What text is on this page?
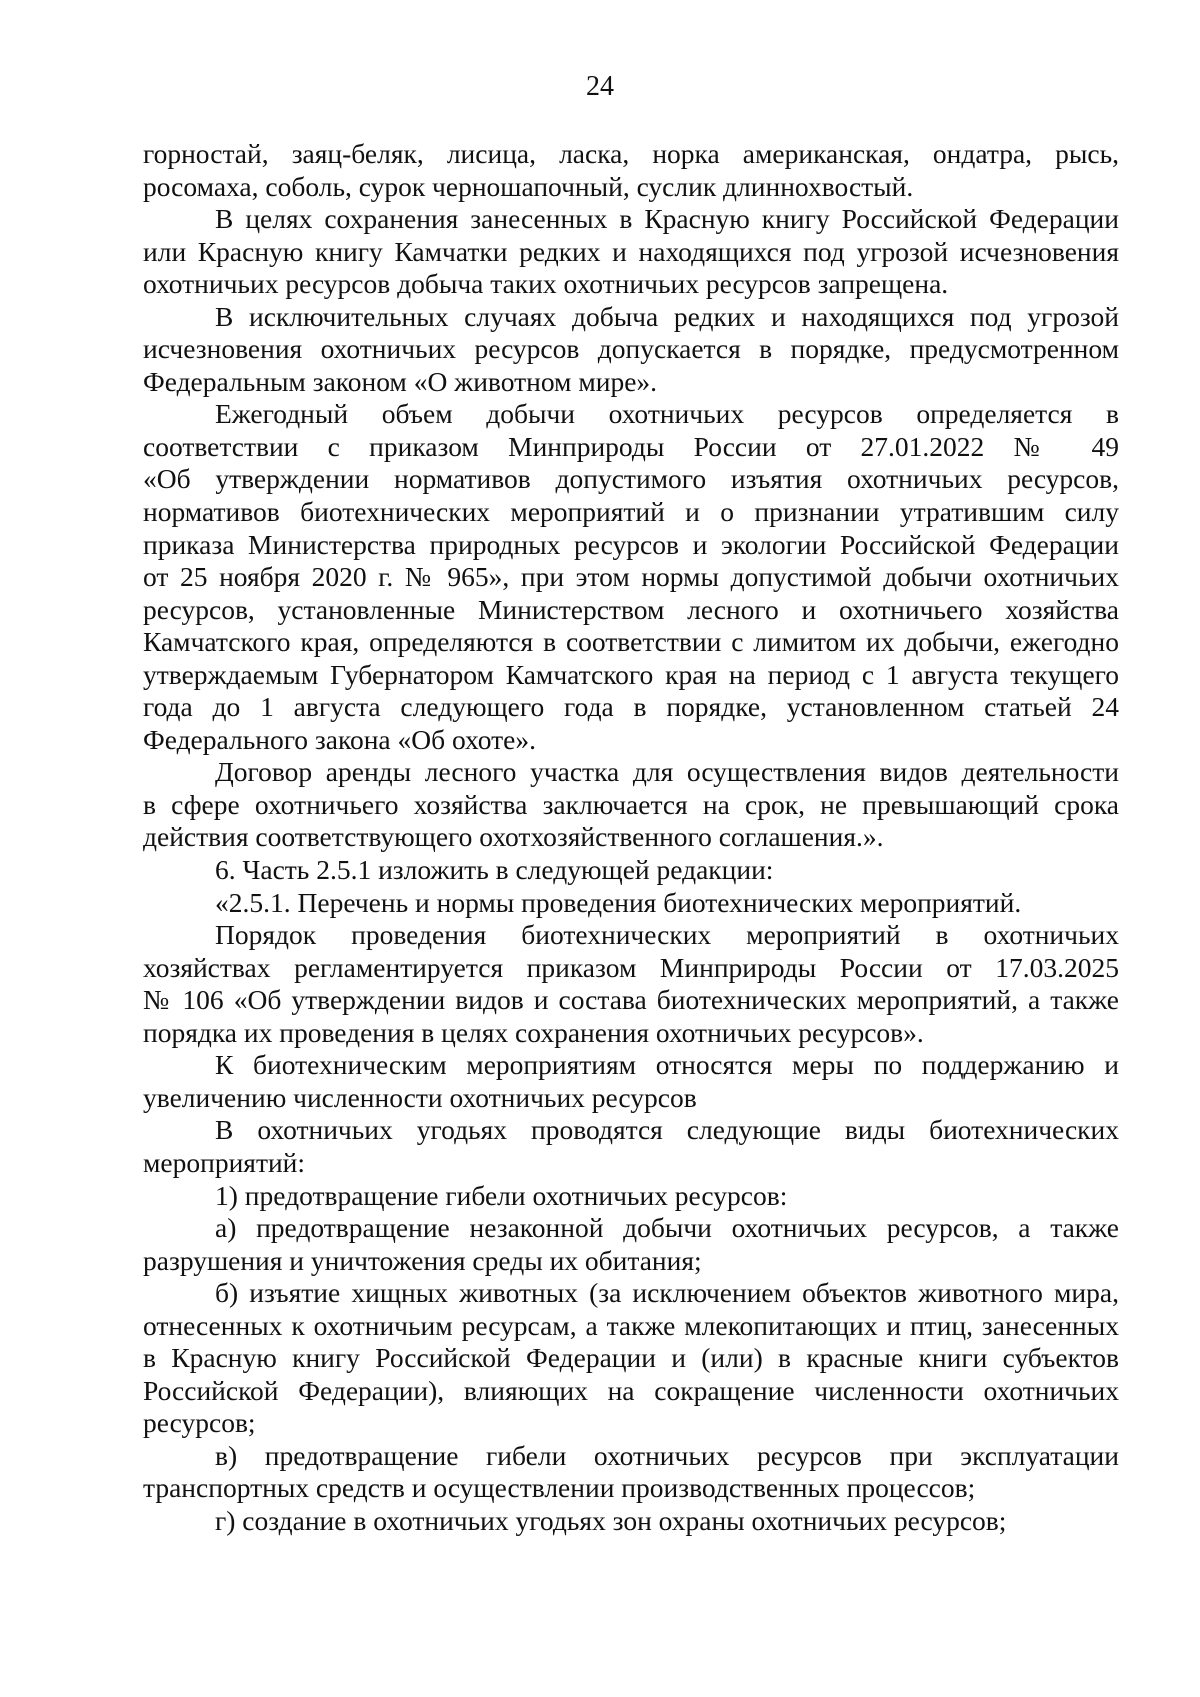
24
горностай, заяц-беляк, лисица, ласка, норка американская, ондатра, рысь,
росомаха, соболь, сурок черношапочный, суслик длиннохвостый.
В целях сохранения занесенных в Красную книгу Российской Федерации
или Красную книгу Камчатки редких и находящихся под угрозой исчезновения
охотничьих ресурсов добыча таких охотничьих ресурсов запрещена.
В исключительных случаях добыча редких и находящихся под угрозой
исчезновения охотничьих ресурсов допускается в порядке, предусмотренном
Федеральным законом «О животном мире».
Ежегодный объем добычи охотничьих ресурсов определяется в
соответствии с приказом Минприроды России от 27.01.2022 № 49
«Об утверждении нормативов допустимого изъятия охотничьих ресурсов,
нормативов биотехнических мероприятий и о признании утратившим силу
приказа Министерства природных ресурсов и экологии Российской Федерации
от 25 ноября 2020 г. № 965», при этом нормы допустимой добычи охотничьих
ресурсов, установленные Министерством лесного и охотничьего хозяйства
Камчатского края, определяются в соответствии с лимитом их добычи, ежегодно
утверждаемым Губернатором Камчатского края на период с 1 августа текущего
года до 1 августа следующего года в порядке, установленном статьей 24
Федерального закона «Об охоте».
Договор аренды лесного участка для осуществления видов деятельности
в сфере охотничьего хозяйства заключается на срок, не превышающий срока
действия соответствующего охотхозяйственного соглашения.».
6. Часть 2.5.1 изложить в следующей редакции:
«2.5.1. Перечень и нормы проведения биотехнических мероприятий.
Порядок проведения биотехнических мероприятий в охотничьих
хозяйствах регламентируется приказом Минприроды России от 17.03.2025
№ 106 «Об утверждении видов и состава биотехнических мероприятий, а также
порядка их проведения в целях сохранения охотничьих ресурсов».
К биотехническим мероприятиям относятся меры по поддержанию и
увеличению численности охотничьих ресурсов
В охотничьих угодьях проводятся следующие виды биотехнических
мероприятий:
1) предотвращение гибели охотничьих ресурсов:
а) предотвращение незаконной добычи охотничьих ресурсов, а также
разрушения и уничтожения среды их обитания;
б) изъятие хищных животных (за исключением объектов животного мира,
отнесенных к охотничьим ресурсам, а также млекопитающих и птиц, занесенных
в Красную книгу Российской Федерации и (или) в красные книги субъектов
Российской Федерации), влияющих на сокращение численности охотничьих
ресурсов;
в) предотвращение гибели охотничьих ресурсов при эксплуатации
транспортных средств и осуществлении производственных процессов;
г) создание в охотничьих угодьях зон охраны охотничьих ресурсов;
